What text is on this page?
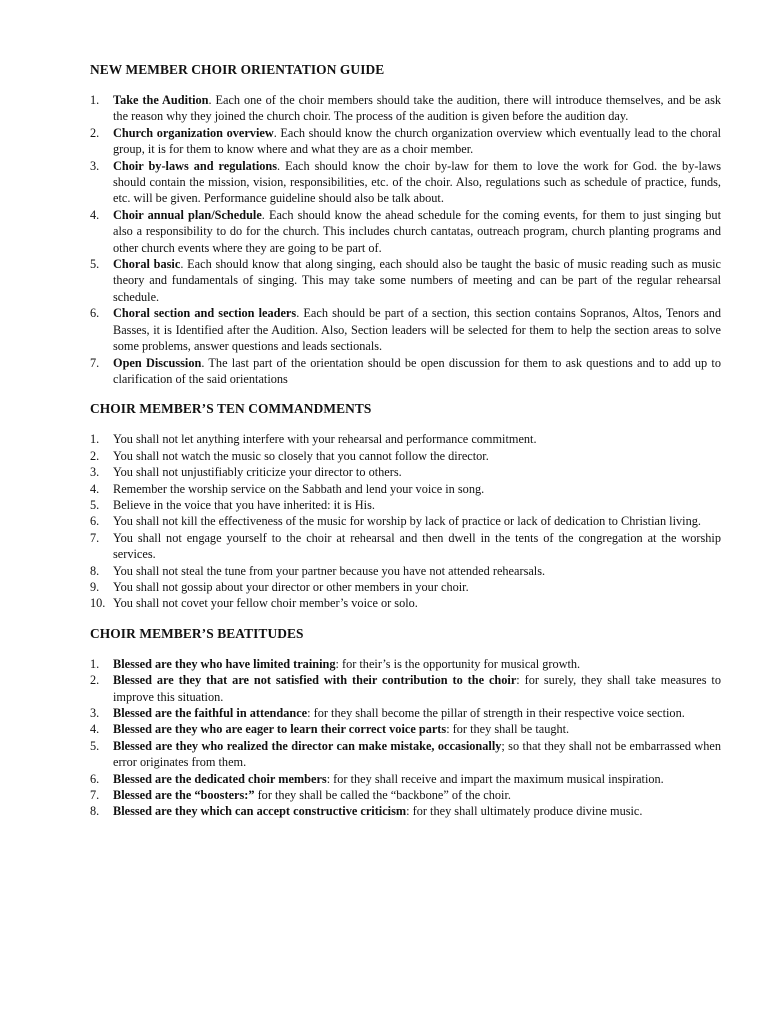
NEW MEMBER CHOIR ORIENTATION GUIDE
1. Take the Audition. Each one of the choir members should take the audition, there will introduce themselves, and be ask the reason why they joined the church choir. The process of the audition is given before the audition day.
2. Church organization overview. Each should know the church organization overview which eventually lead to the choral group, it is for them to know where and what they are as a choir member.
3. Choir by-laws and regulations. Each should know the choir by-law for them to love the work for God. the by-laws should contain the mission, vision, responsibilities, etc. of the choir. Also, regulations such as schedule of practice, funds, etc. will be given. Performance guideline should also be talk about.
4. Choir annual plan/Schedule. Each should know the ahead schedule for the coming events, for them to just singing but also a responsibility to do for the church. This includes church cantatas, outreach program, church planting programs and other church events where they are going to be part of.
5. Choral basic. Each should know that along singing, each should also be taught the basic of music reading such as music theory and fundamentals of singing. This may take some numbers of meeting and can be part of the regular rehearsal schedule.
6. Choral section and section leaders. Each should be part of a section, this section contains Sopranos, Altos, Tenors and Basses, it is Identified after the Audition. Also, Section leaders will be selected for them to help the section areas to solve some problems, answer questions and leads sectionals.
7. Open Discussion. The last part of the orientation should be open discussion for them to ask questions and to add up to clarification of the said orientations
CHOIR MEMBER’S TEN COMMANDMENTS
1. You shall not let anything interfere with your rehearsal and performance commitment.
2. You shall not watch the music so closely that you cannot follow the director.
3. You shall not unjustifiably criticize your director to others.
4. Remember the worship service on the Sabbath and lend your voice in song.
5. Believe in the voice that you have inherited: it is His.
6. You shall not kill the effectiveness of the music for worship by lack of practice or lack of dedication to Christian living.
7. You shall not engage yourself to the choir at rehearsal and then dwell in the tents of the congregation at the worship services.
8. You shall not steal the tune from your partner because you have not attended rehearsals.
9. You shall not gossip about your director or other members in your choir.
10. You shall not covet your fellow choir member’s voice or solo.
CHOIR MEMBER’S BEATITUDES
1. Blessed are they who have limited training: for their’s is the opportunity for musical growth.
2. Blessed are they that are not satisfied with their contribution to the choir: for surely, they shall take measures to improve this situation.
3. Blessed are the faithful in attendance: for they shall become the pillar of strength in their respective voice section.
4. Blessed are they who are eager to learn their correct voice parts: for they shall be taught.
5. Blessed are they who realized the director can make mistake, occasionally; so that they shall not be embarrassed when error originates from them.
6. Blessed are the dedicated choir members: for they shall receive and impart the maximum musical inspiration.
7. Blessed are the “boosters:” for they shall be called the “backbone” of the choir.
8. Blessed are they which can accept constructive criticism: for they shall ultimately produce divine music.
